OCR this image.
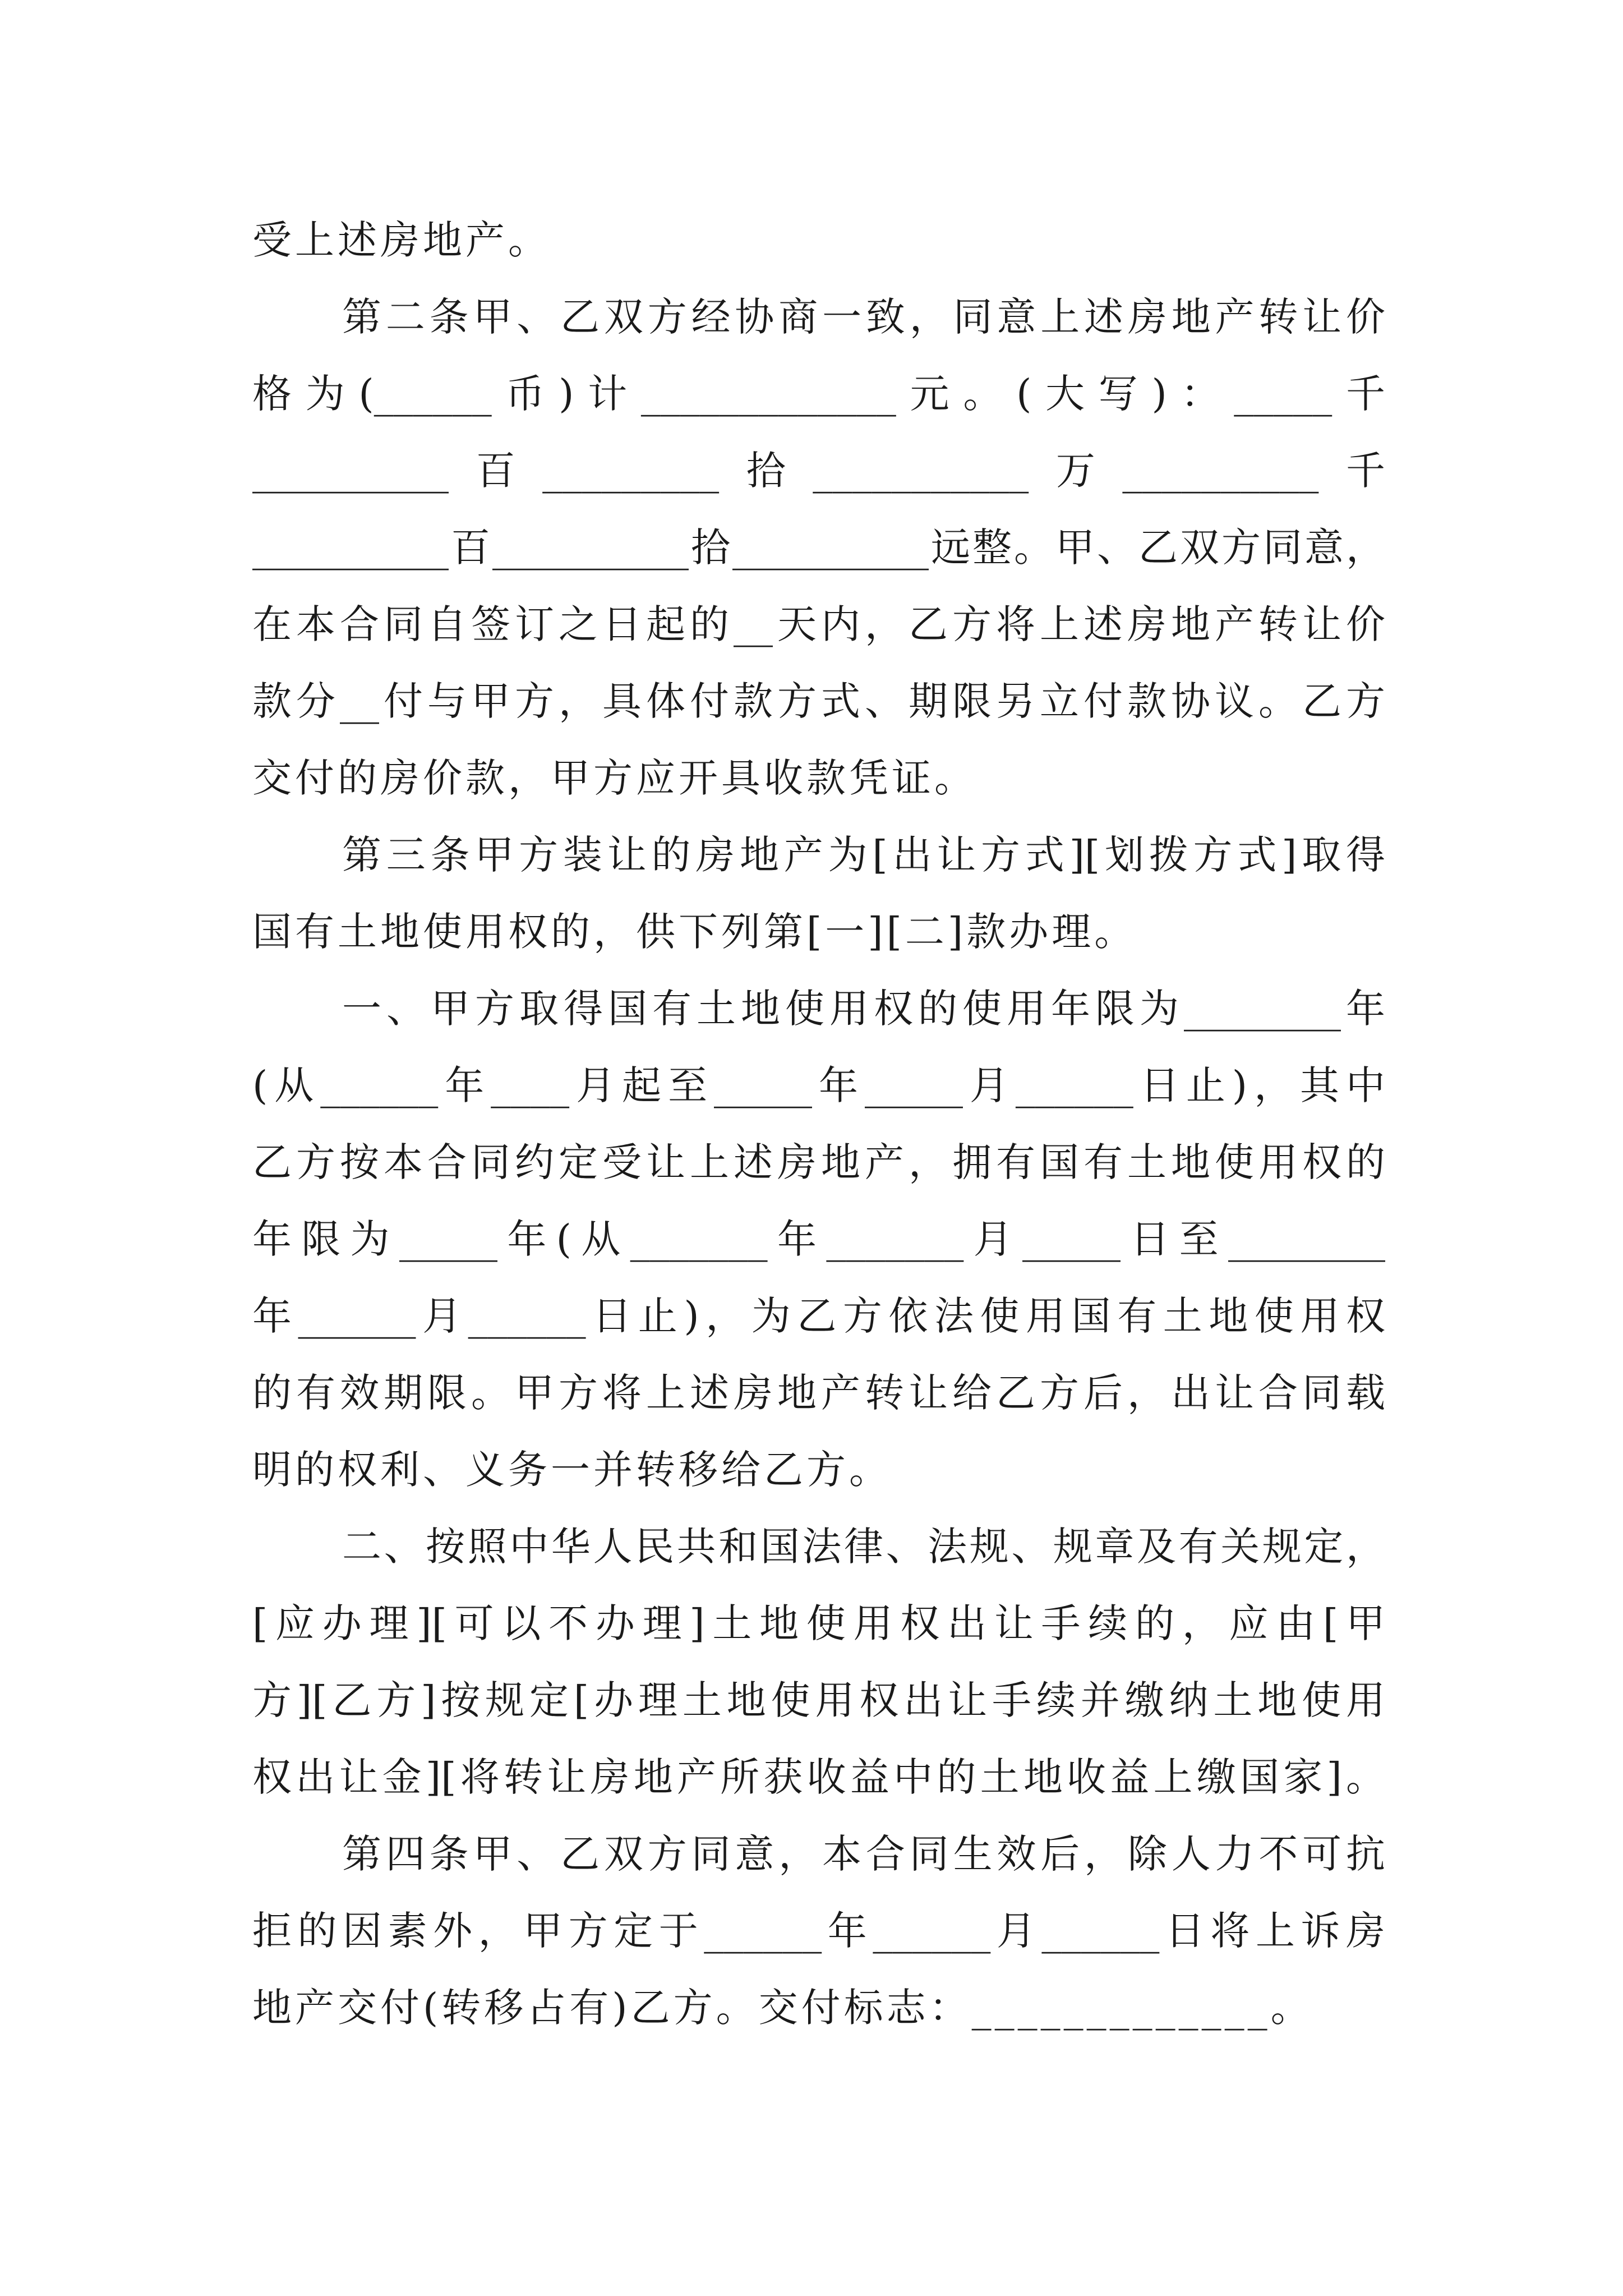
受上述房地产。
第二条甲、乙双方经协商一致，同意上述房地产转让价
格为(______币)计_____________元。(大写)：_____千
__________百_________拾___________万__________千
__________百__________拾__________远整。甲、乙双方同意，
在本合同自签订之日起的__天内，乙方将上述房地产转让价
款分__付与甲方，具体付款方式、期限另立付款协议。乙方
交付的房价款，甲方应开具收款凭证。
第三条甲方装让的房地产为[出让方式][划拨方式]取得
国有土地使用权的，供下列第[一][二]款办理。
一、甲方取得国有土地使用权的使用年限为________年
(从______年____月起至_____年_____月______日止)，其中
乙方按本合同约定受让上述房地产，拥有国有土地使用权的
年限为_____年(从_______年_______月_____日至________
年______月______日止)，为乙方依法使用国有土地使用权
的有效期限。甲方将上述房地产转让给乙方后，出让合同载
明的权利、义务一并转移给乙方。
二、按照中华人民共和国法律、法规、规章及有关规定，
[应办理][可以不办理]土地使用权出让手续的，应由[甲
方][乙方]按规定[办理土地使用权出让手续并缴纳土地使用
权出让金][将转让房地产所获收益中的土地收益上缴国家]。
第四条甲、乙双方同意，本合同生效后，除人力不可抗
拒的因素外，甲方定于______年______月______日将上诉房
地产交付(转移占有)乙方。交付标志：_____________。
